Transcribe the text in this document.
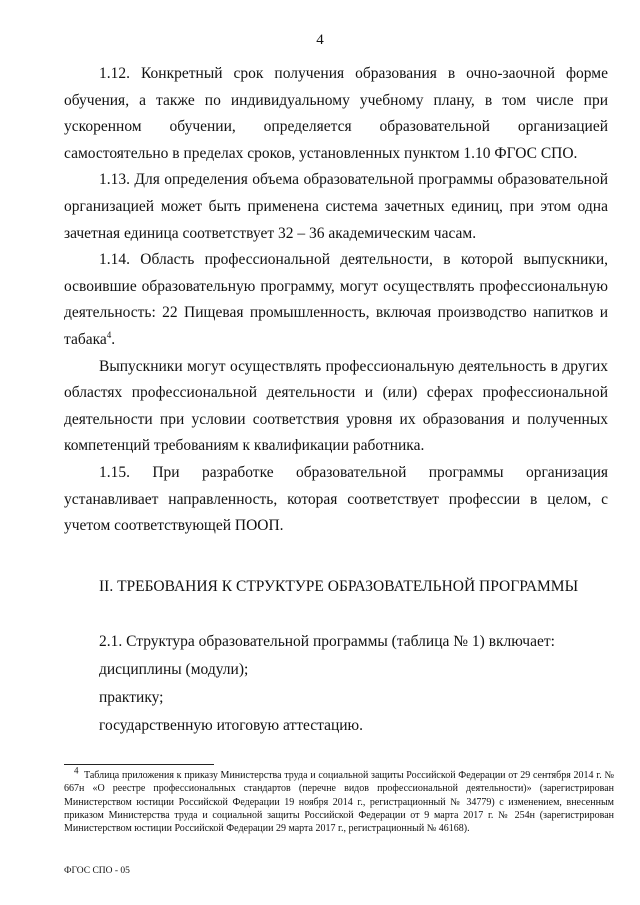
4

1.12. Конкретный срок получения образования в очно-заочной форме обучения, а также по индивидуальному учебному плану, в том числе при ускоренном обучении, определяется образовательной организацией самостоятельно в пределах сроков, установленных пунктом 1.10 ФГОС СПО.

1.13. Для определения объема образовательной программы образовательной организацией может быть применена система зачетных единиц, при этом одна зачетная единица соответствует 32 – 36 академическим часам.

1.14. Область профессиональной деятельности, в которой выпускники, освоившие образовательную программу, могут осуществлять профессиональную деятельность: 22 Пищевая промышленность, включая производство напитков и табака$^4$.

Выпускники могут осуществлять профессиональную деятельность в других областях профессиональной деятельности и (или) сферах профессиональной деятельности при условии соответствия уровня их образования и полученных компетенций требованиям к квалификации работника.

1.15. При разработке образовательной программы организация устанавливает направленность, которая соответствует профессии в целом, с учетом соответствующей ПООП.

II. ТРЕБОВАНИЯ К СТРУКТУРЕ ОБРАЗОВАТЕЛЬНОЙ ПРОГРАММЫ

2.1. Структура образовательной программы (таблица № 1) включает:

дисциплины (модули);

практику;

государственную итоговую аттестацию.

$^4$ Таблица приложения к приказу Министерства труда и социальной защиты Российской Федерации от 29 сентября 2014 г. № 667н «О реестре профессиональных стандартов (перечне видов профессиональной деятельности)» (зарегистрирован Министерством юстиции Российской Федерации 19 ноября 2014 г., регистрационный № 34779) с изменением, внесенным приказом Министерства труда и социальной защиты Российской Федерации от 9 марта 2017 г. № 254н (зарегистрирован Министерством юстиции Российской Федерации 29 марта 2017 г., регистрационный № 46168).

ФГОС СПО - 05
